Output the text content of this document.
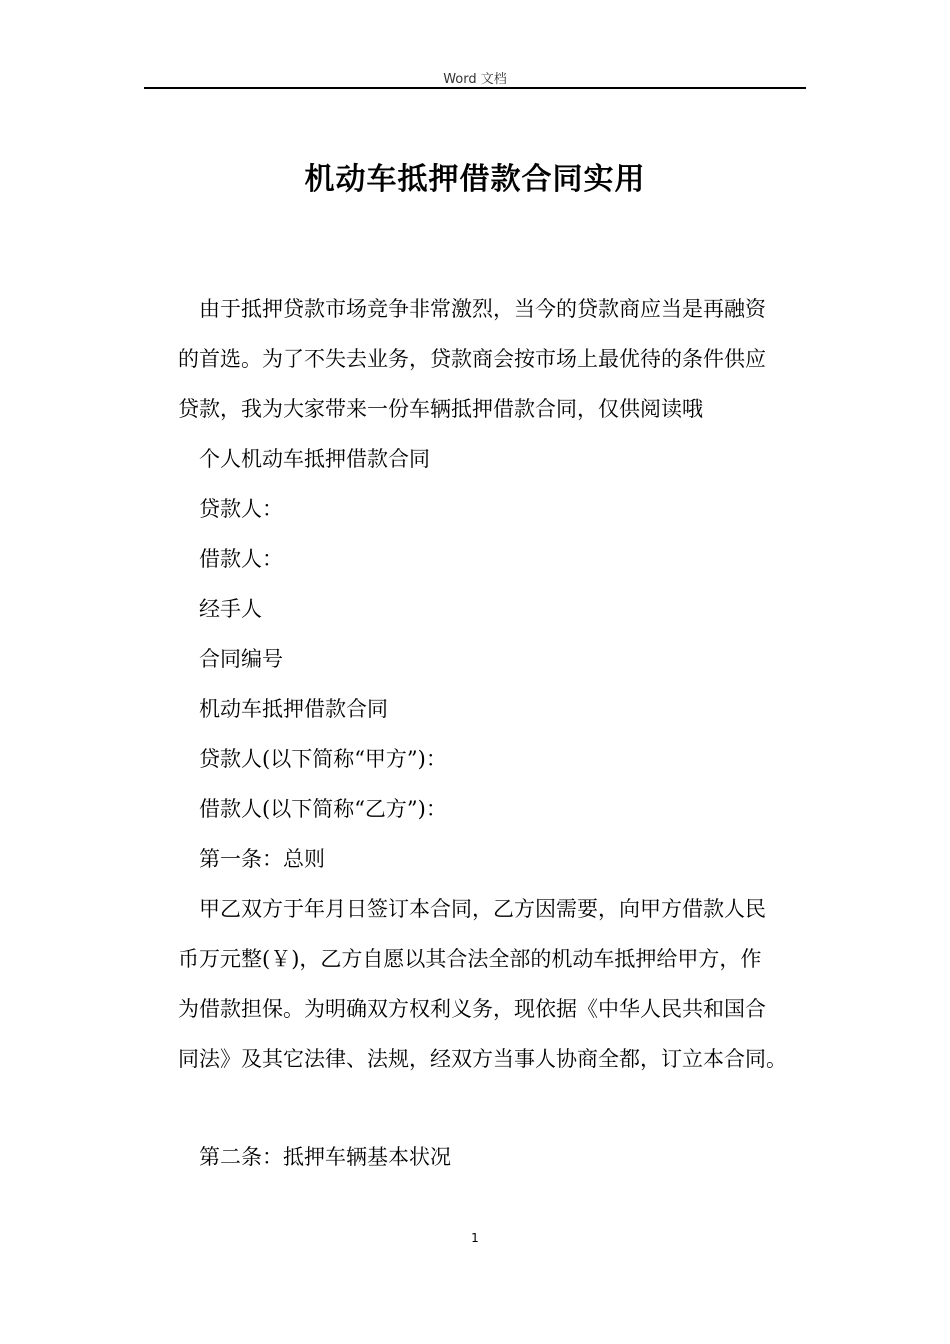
Word 文档
机动车抵押借款合同实用
由于抵押贷款市场竞争非常激烈，当今的贷款商应当是再融资
的首选。为了不失去业务，贷款商会按市场上最优待的条件供应
贷款，我为大家带来一份车辆抵押借款合同，仅供阅读哦
个人机动车抵押借款合同
贷款人：
借款人：
经手人
合同编号
机动车抵押借款合同
贷款人(以下简称“甲方”)：
借款人(以下简称“乙方”)：
第一条：总则
甲乙双方于年月日签订本合同，乙方因需要，向甲方借款人民
币万元整(￥)，乙方自愿以其合法全部的机动车抵押给甲方，作
为借款担保。为明确双方权利义务，现依据《中华人民共和国合
同法》及其它法律、法规，经双方当事人协商全都，订立本合同。
第二条：抵押车辆基本状况
1
